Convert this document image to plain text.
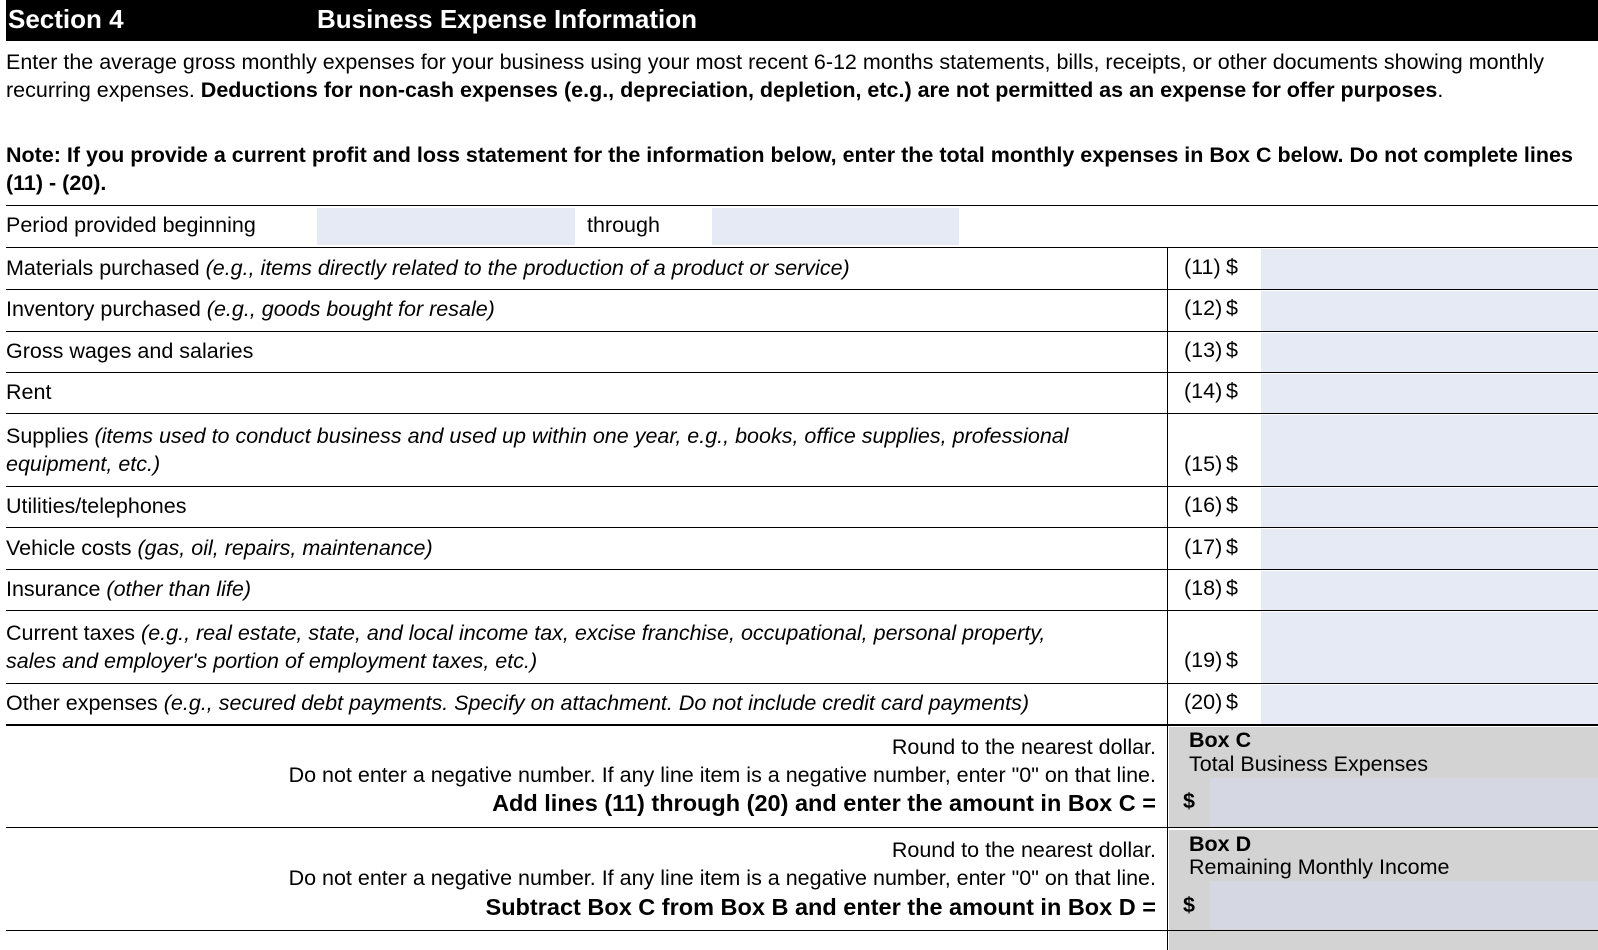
Section 4	Business Expense Information
Enter the average gross monthly expenses for your business using your most recent 6-12 months statements, bills, receipts, or other documents showing monthly recurring expenses. Deductions for non-cash expenses (e.g., depreciation, depletion, etc.) are not permitted as an expense for offer purposes.
Note: If you provide a current profit and loss statement for the information below, enter the total monthly expenses in Box C below. Do not complete lines (11) - (20).
Period provided beginning	through
Materials purchased (e.g., items directly related to the production of a product or service)	(11) $
Inventory purchased (e.g., goods bought for resale)	(12) $
Gross wages and salaries	(13) $
Rent	(14) $
Supplies (items used to conduct business and used up within one year, e.g., books, office supplies, professional
equipment, etc.)	(15) $
Utilities/telephones	(16) $
Vehicle costs (gas, oil, repairs, maintenance)	(17) $
Insurance (other than life)	(18) $
Current taxes (e.g., real estate, state, and local income tax, excise franchise, occupational, personal property,
sales and employer's portion of employment taxes, etc.)	(19) $
Other expenses (e.g., secured debt payments. Specify on attachment. Do not include credit card payments)	(20) $
Round to the nearest dollar.
Do not enter a negative number. If any line item is a negative number, enter "0" on that line.
Add lines (11) through (20) and enter the amount in Box C =
Box C
Total Business Expenses
$
Round to the nearest dollar.
Do not enter a negative number. If any line item is a negative number, enter "0" on that line.
Subtract Box C from Box B and enter the amount in Box D =
Box D
Remaining Monthly Income
$
